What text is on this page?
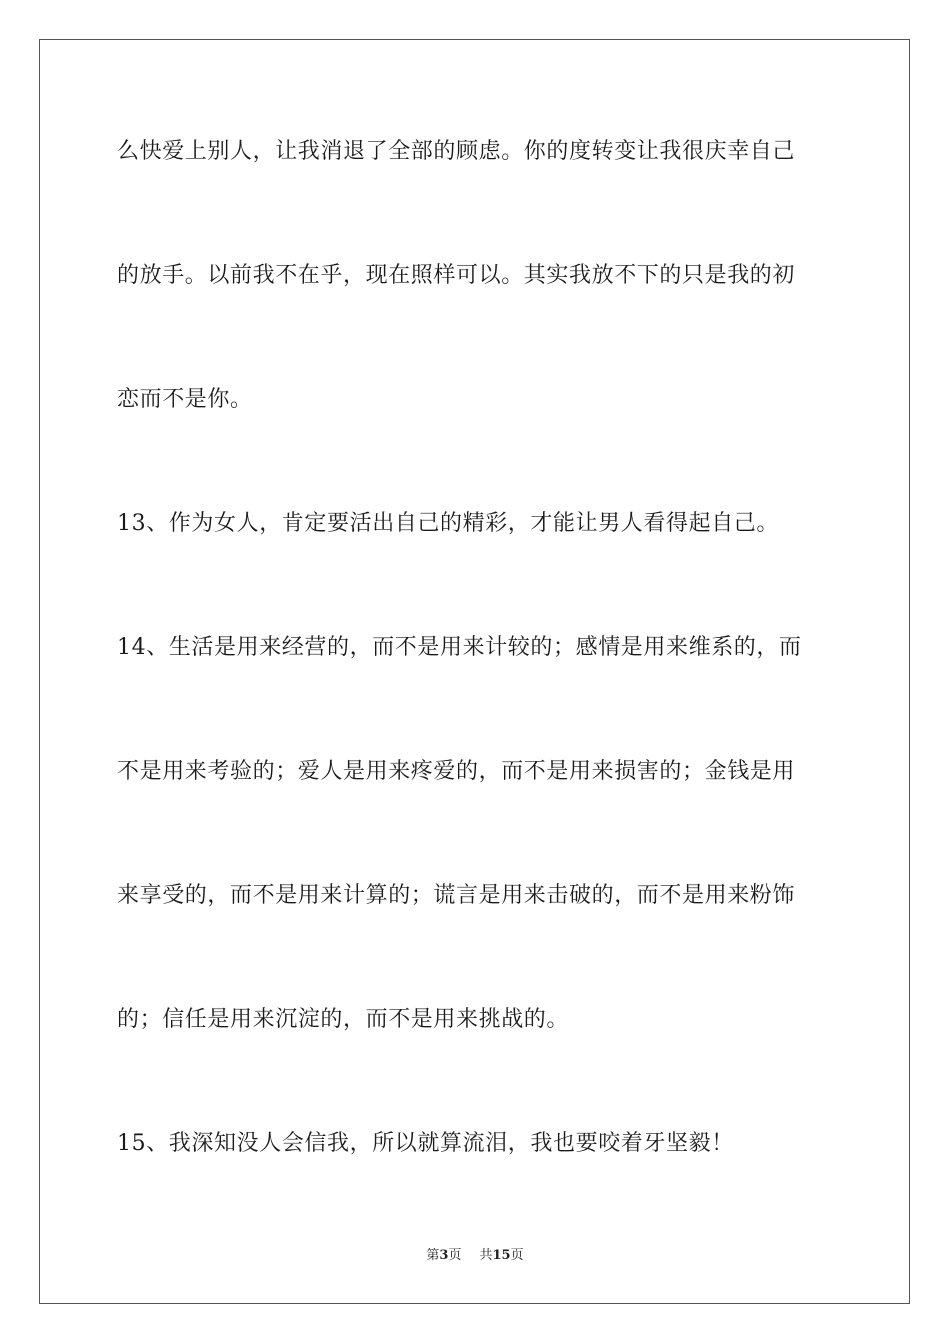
么快爱上别人，让我消退了全部的顾虑。你的度转变让我很庆幸自己
的放手。以前我不在乎，现在照样可以。其实我放不下的只是我的初
恋而不是你。
13、作为女人，肯定要活出自己的精彩，才能让男人看得起自己。
14、生活是用来经营的，而不是用来计较的；感情是用来维系的，而
不是用来考验的；爱人是用来疼爱的，而不是用来损害的；金钱是用
来享受的，而不是用来计算的；谎言是用来击破的，而不是用来粉饰
的；信任是用来沉淀的，而不是用来挑战的。
15、我深知没人会信我，所以就算流泪，我也要咬着牙坚毅！
第3页 共15页
